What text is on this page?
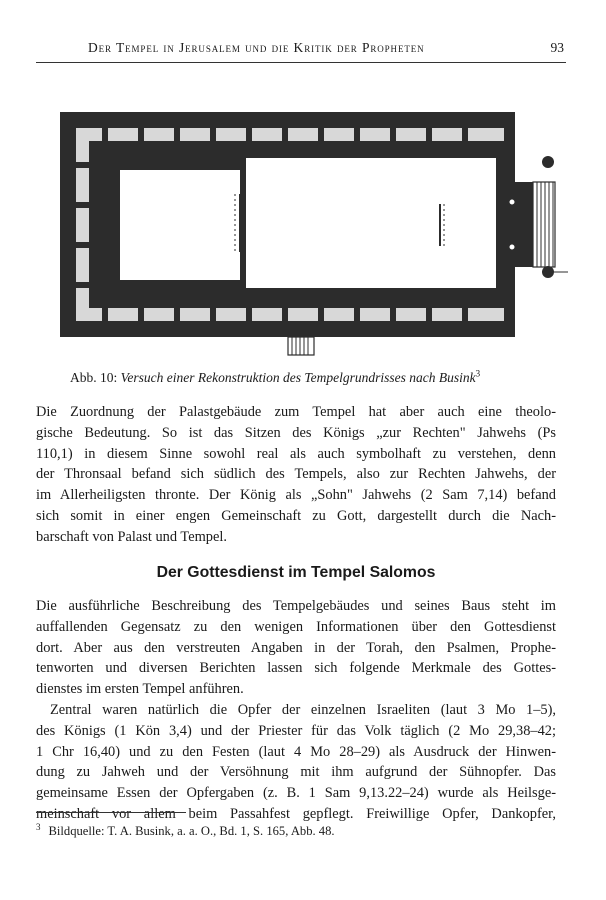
Der Tempel in Jerusalem und die Kritik der Propheten	93
Abb. 10: Versuch einer Rekonstruktion des Tempelgrundrisses nach Busink$^3$
Die Zuordnung der Palastgebäude zum Tempel hat aber auch eine theolo-
gische Bedeutung. So ist das Sitzen des Königs „zur Rechten" Jahwehs (Ps
110,1) in diesem Sinne sowohl real als auch symbolhaft zu verstehen, denn
der Thronsaal befand sich südlich des Tempels, also zur Rechten Jahwehs, der
im Allerheiligsten thronte. Der König als „Sohn" Jahwehs (2 Sam 7,14) befand
sich somit in einer engen Gemeinschaft zu Gott, dargestellt durch die Nach-
barschaft von Palast und Tempel.
Der Gottesdienst im Tempel Salomos
Die ausführliche Beschreibung des Tempelgebäudes und seines Baus steht im
auffallenden Gegensatz zu den wenigen Informationen über den Gottesdienst
dort. Aber aus den verstreuten Angaben in der Torah, den Psalmen, Prophe-
tenworten und diversen Berichten lassen sich folgende Merkmale des Gottes-
dienstes im ersten Tempel anführen.
Zentral waren natürlich die Opfer der einzelnen Israeliten (laut 3 Mo 1–5),
des Königs (1 Kön 3,4) und der Priester für das Volk täglich (2 Mo 29,38–42;
1 Chr 16,40) und zu den Festen (laut 4 Mo 28–29) als Ausdruck der Hinwen-
dung zu Jahweh und der Versöhnung mit ihm aufgrund der Sühnopfer. Das
gemeinsame Essen der Opfergaben (z. B. 1 Sam 9,13.22–24) wurde als Heilsge-
meinschaft vor allem beim Passahfest gepflegt. Freiwillige Opfer, Dankopfer,
$^3$ Bildquelle: T. A. Busink, a. a. O., Bd. 1, S. 165, Abb. 48.
